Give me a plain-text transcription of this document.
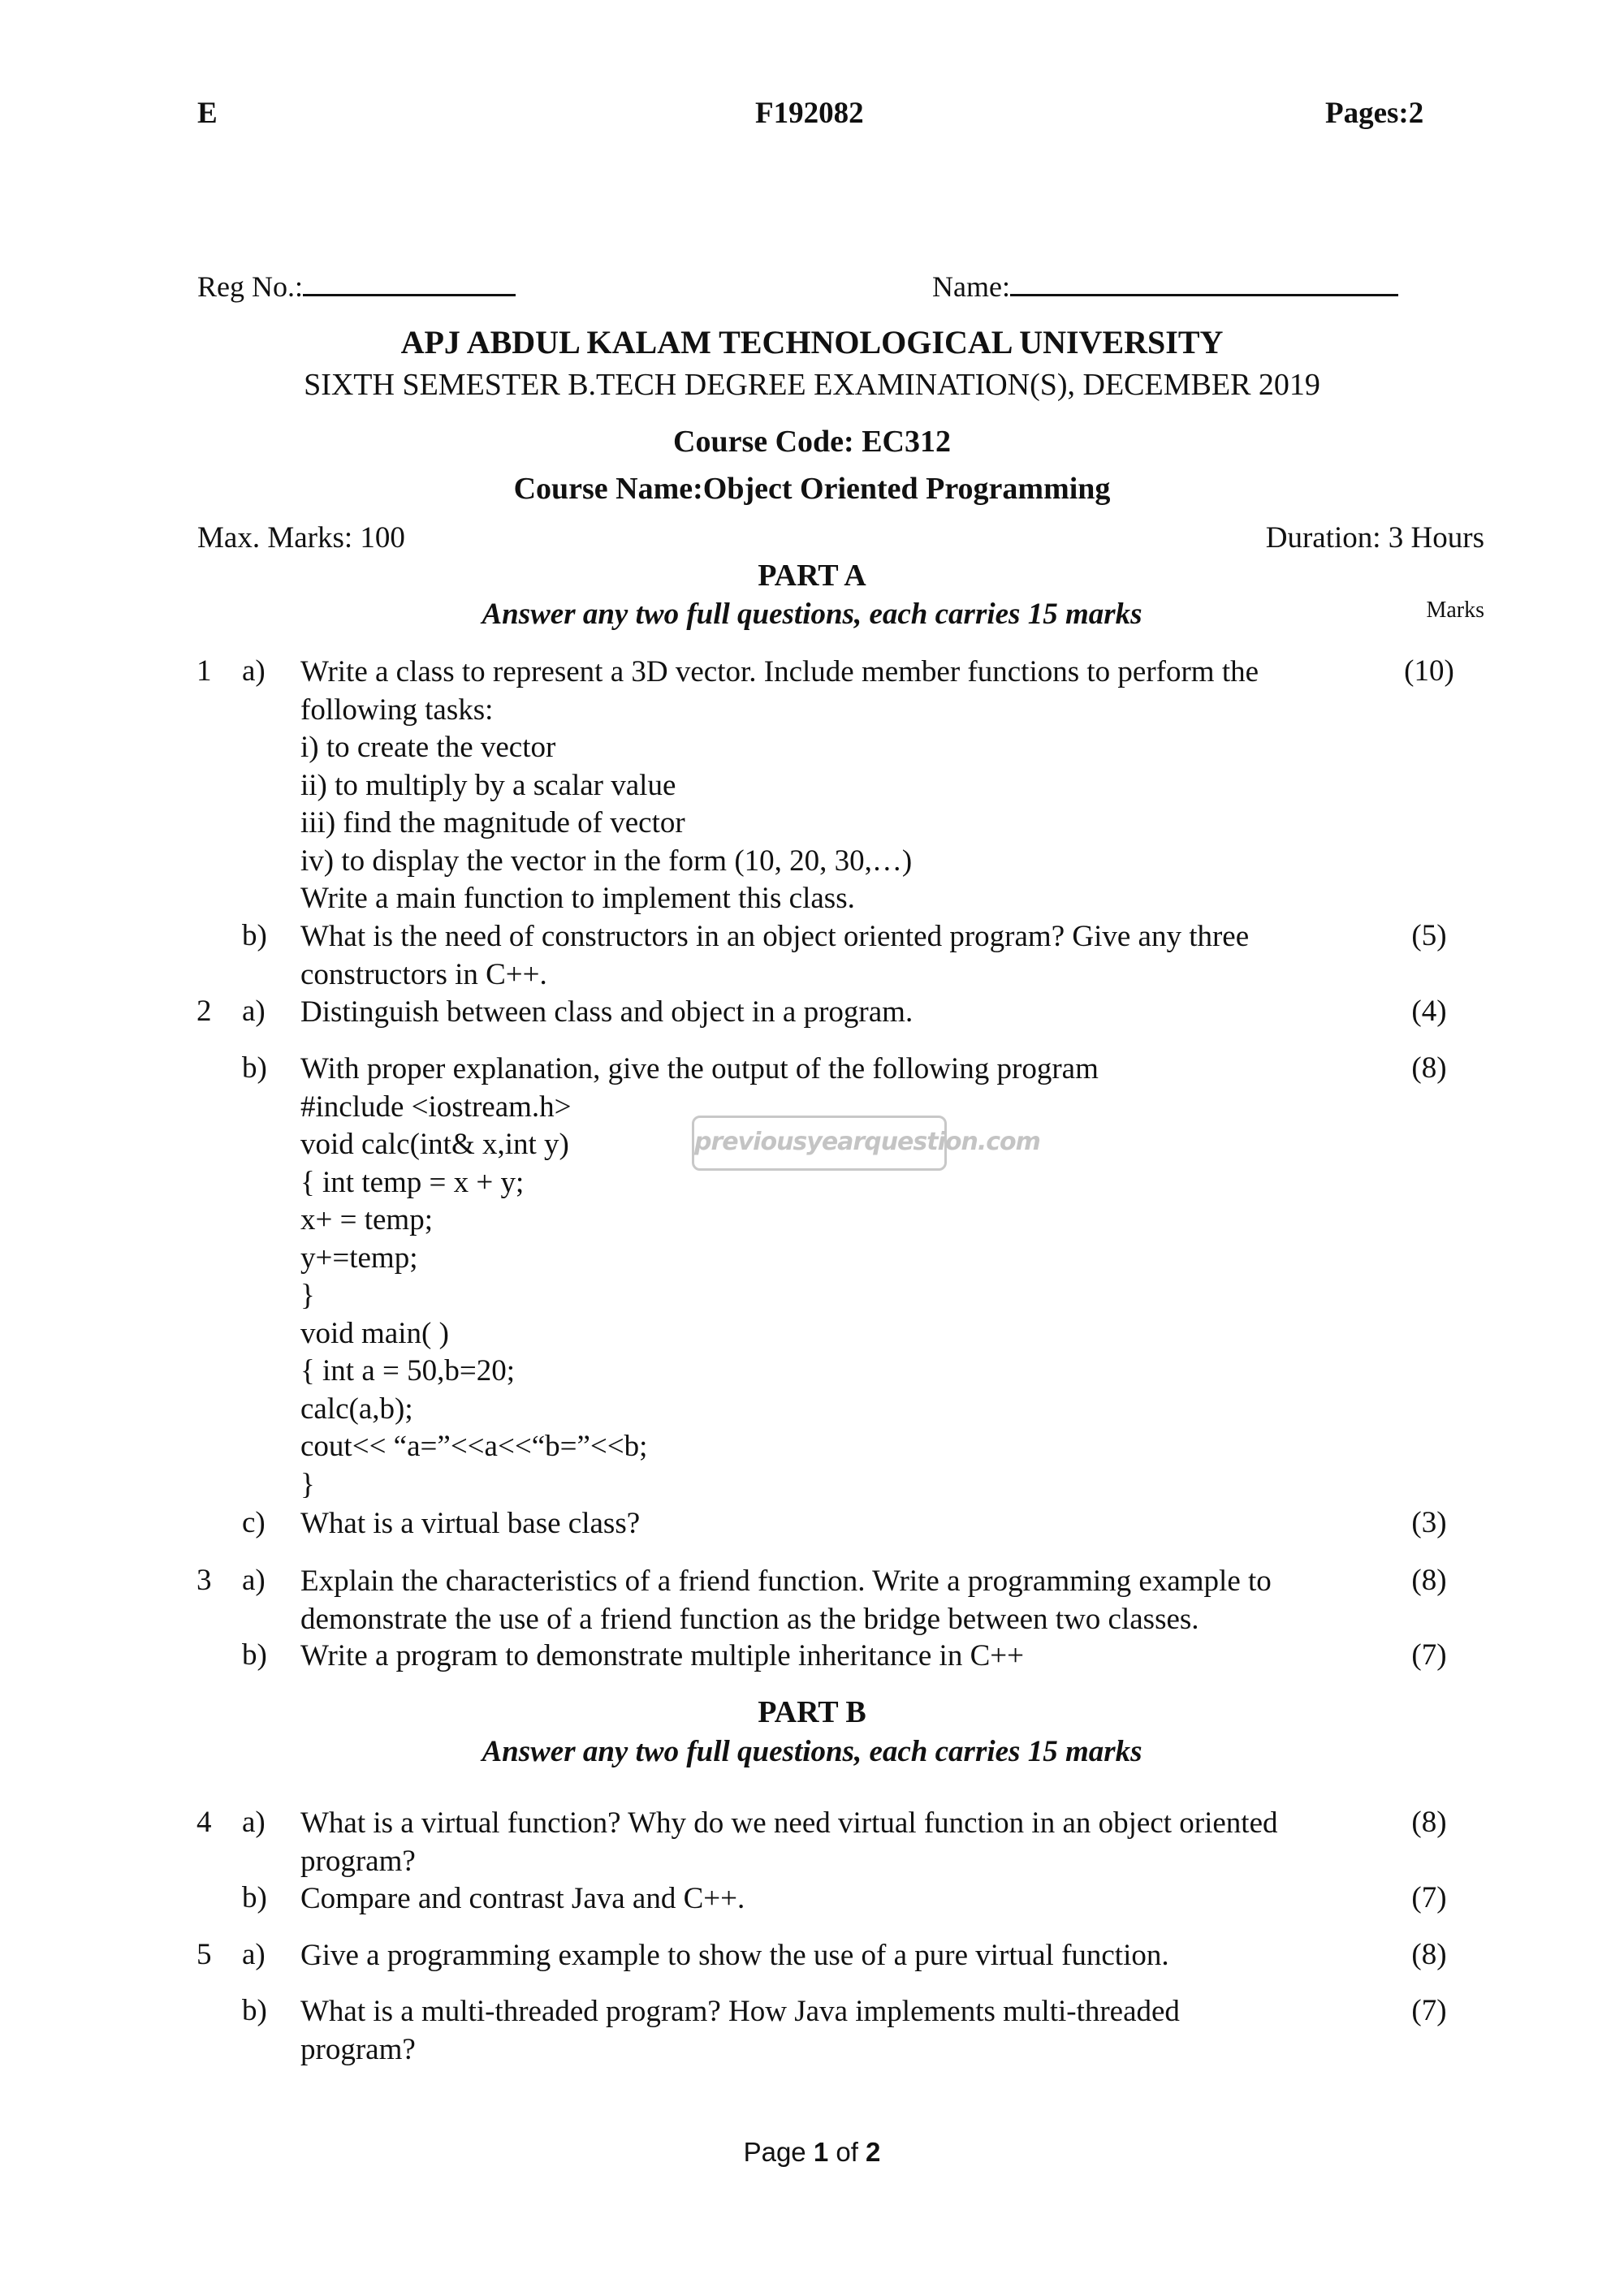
E	F192082	Pages:2
Reg No.:	Name:
APJ ABDUL KALAM TECHNOLOGICAL UNIVERSITY
SIXTH SEMESTER B.TECH DEGREE EXAMINATION(S), DECEMBER 2019
Course Code: EC312
Course Name:Object Oriented Programming
Max. Marks: 100	Duration: 3 Hours
PART A
Answer any two full questions, each carries 15 marks	Marks
1 a) Write a class to represent a 3D vector. Include member functions to perform the
following tasks:
i) to create the vector
ii) to multiply by a scalar value
iii) find the magnitude of vector
iv) to display the vector in the form (10, 20, 30,…)
Write a main function to implement this class.
(10)
b) What is the need of constructors in an object oriented program? Give any three
constructors in C++.
(5)
2 a) Distinguish between class and object in a program.	(4)
b) With proper explanation, give the output of the following program
#include <iostream.h>
void calc(int& x,int y)
{ int temp = x + y;
x+ = temp;
y+=temp;
}
void main( )
{ int a = 50,b=20;
calc(a,b);
cout<< “a=”<<a<<“b=”<<b;
}
(8)
c) What is a virtual base class?	(3)
previousyearquestion.com
3 a) Explain the characteristics of a friend function. Write a programming example to
demonstrate the use of a friend function as the bridge between two classes.
(8)
b) Write a program to demonstrate multiple inheritance in C++	(7)
PART B
Answer any two full questions, each carries 15 marks
4 a) What is a virtual function? Why do we need virtual function in an object oriented
program?
(8)
b) Compare and contrast Java and C++.	(7)
5 a) Give a programming example to show the use of a pure virtual function.	(8)
b) What is a multi-threaded program? How Java implements multi-threaded
program?
(7)
Page 1 of 2
